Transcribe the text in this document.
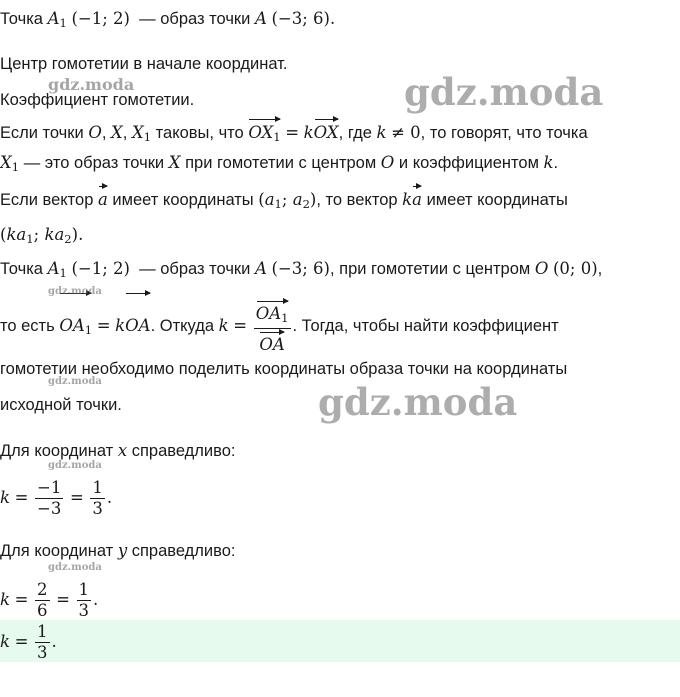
Точка $A_1$ (−1; 2) — образ точки A (−3; 6).
Центр гомотетии в начале координат.
Коэффициент гомотетии.
Если точки O, X, $X_1$ таковы, что $OX_1$ = kOX, где k ≠ 0, то говорят, что точка
$X_1$ — это образ точки X при гомотетии с центром O и коэффициентом k.
Если вектор a имеет координаты ($a_1$; $a_2$), то вектор ka имеет координаты
($ka_1$; $ka_2$).
Точка $A_1$ (−1; 2) — образ точки A (−3; 6), при гомотетии с центром O (0; 0),
то есть $OA_1$ = kOA. Откуда $k = \frac{OA_1}{OA}$ . Тогда, чтобы найти коэффициент
гомотетии необходимо поделить координаты образа точки на координаты
исходной точки.
Для координат x справедливо:
$k = \frac{-1}{-3} = \frac{1}{3}$ .
Для координат y справедливо:
$k = \frac{2}{6} = \frac{1}{3}$ .
$k = \frac{1}{3}$ .
gdz.moda
gdz.moda
gdz.moda
gdz.moda
gdz.moda
gdz.moda
gdz.moda
